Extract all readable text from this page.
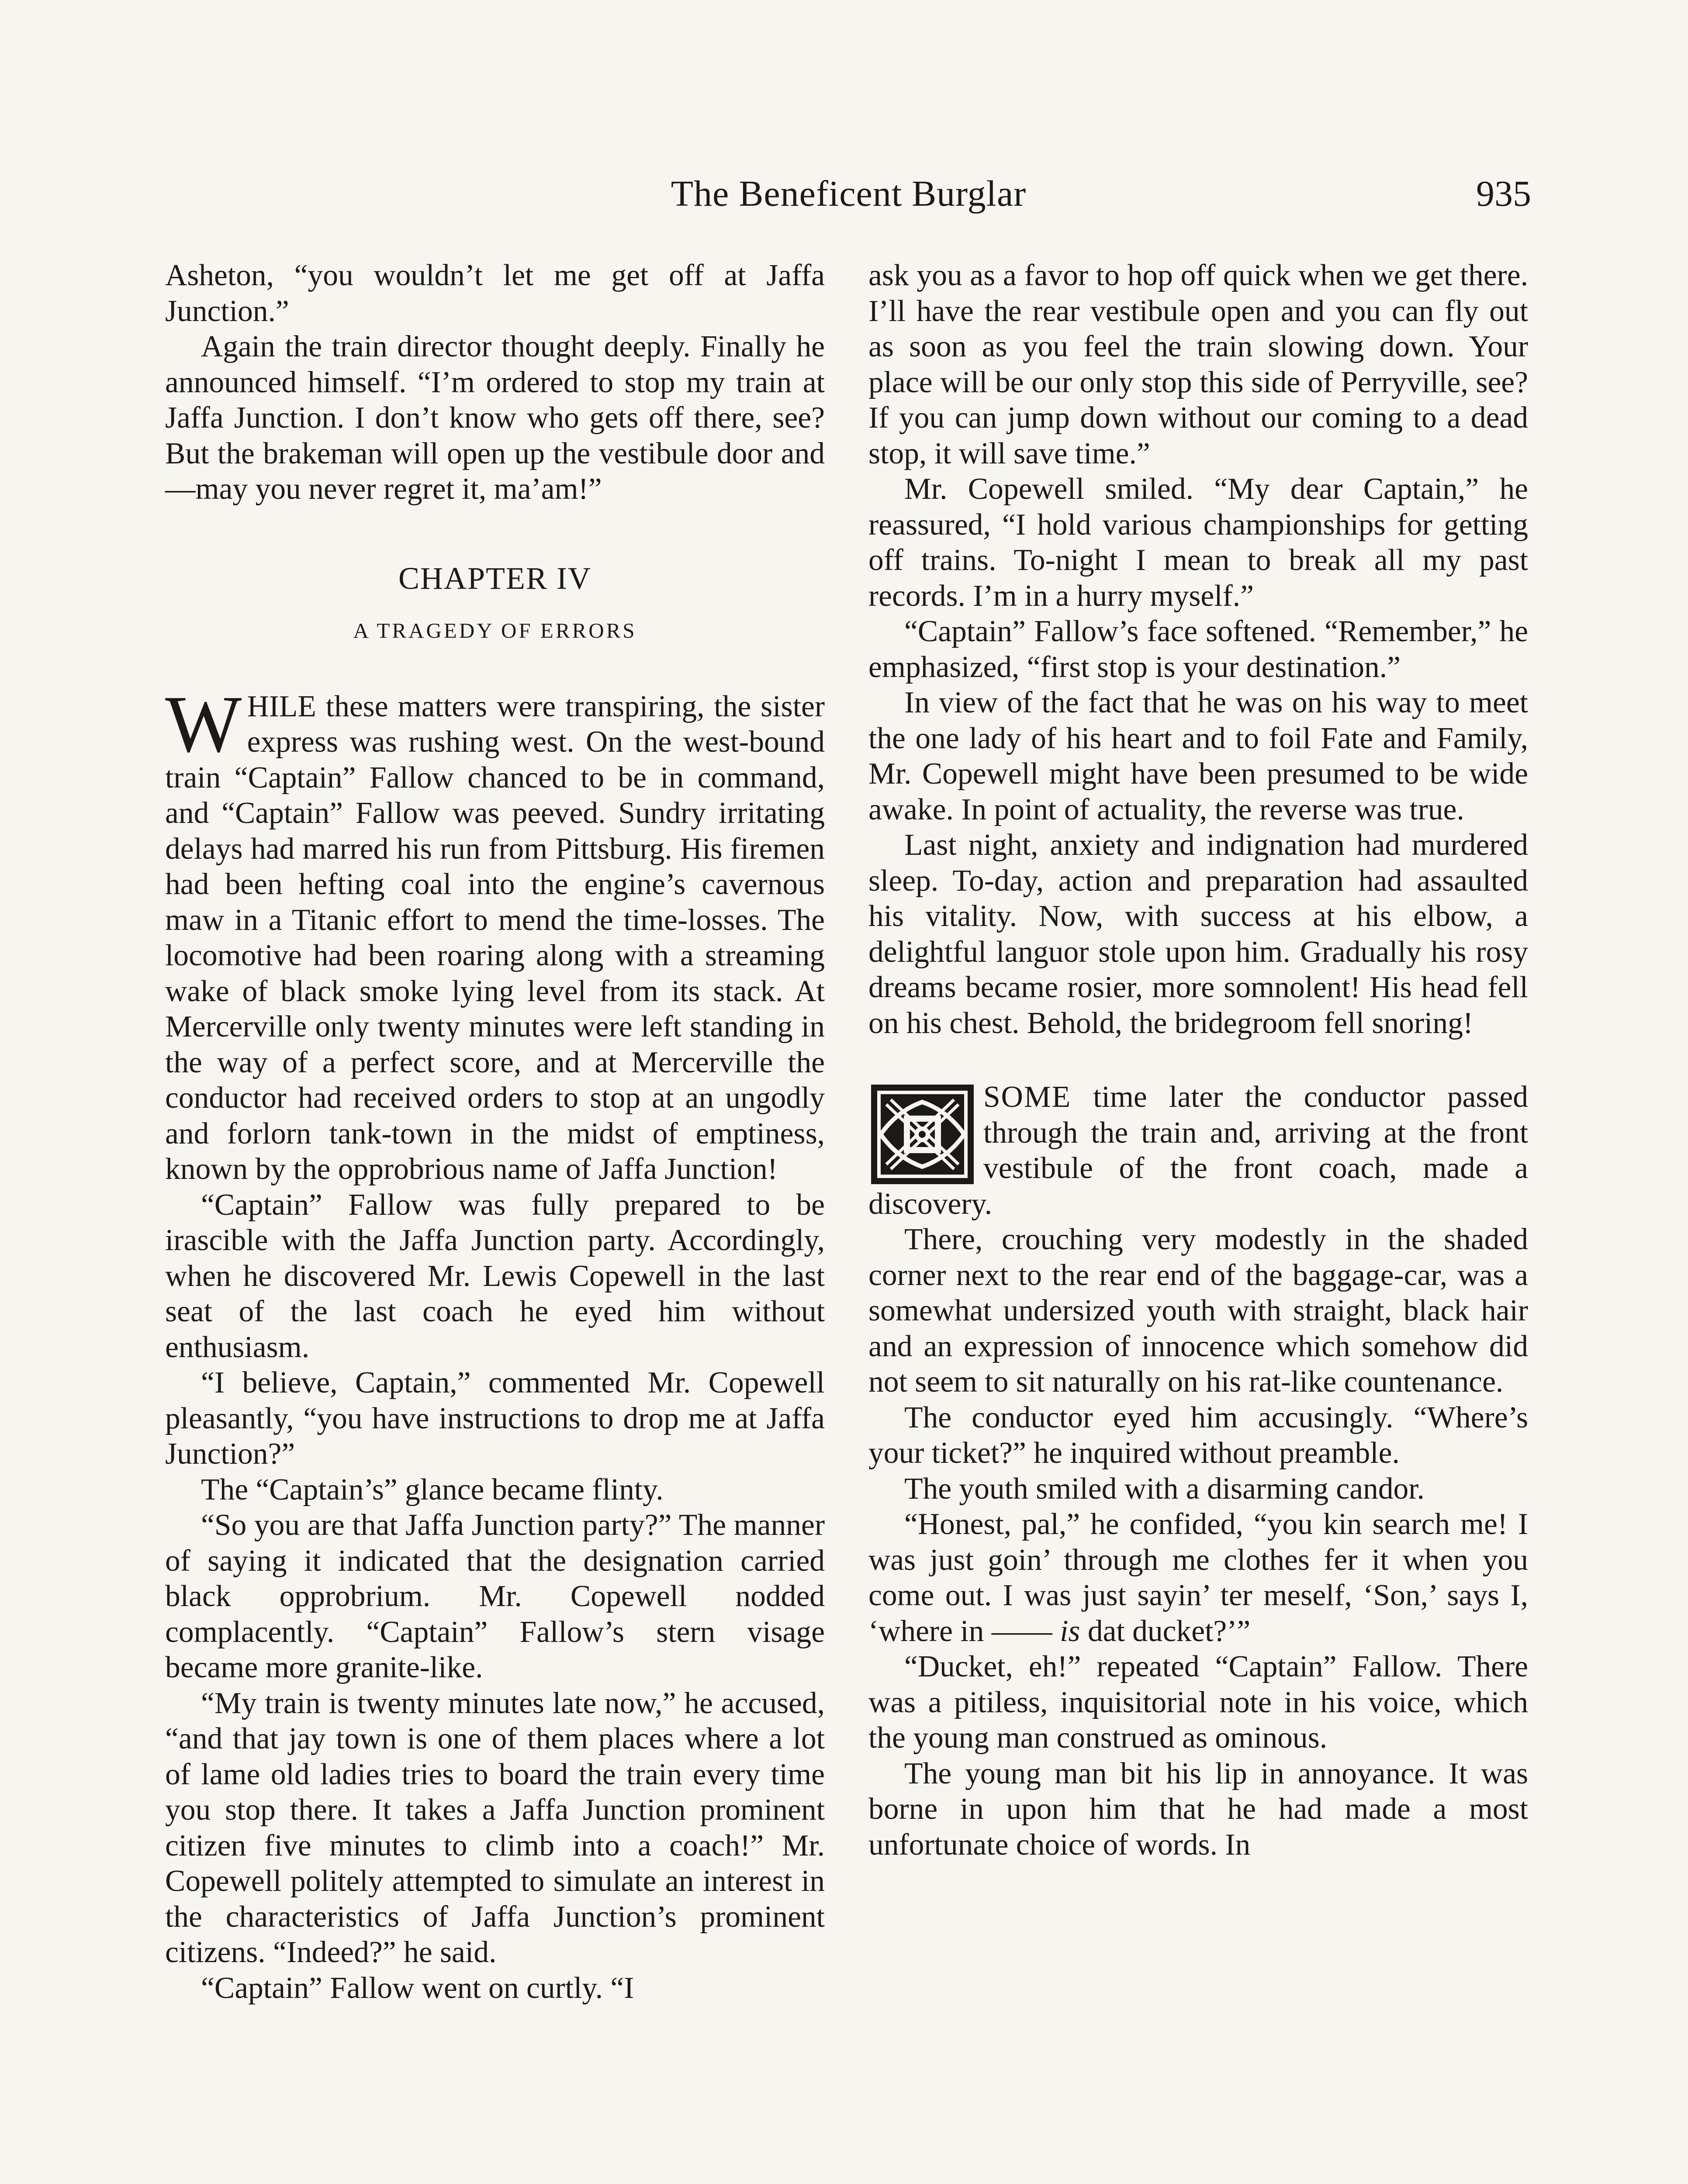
The Beneficent Burglar	935

Asheton, “you wouldn’t let me get off at Jaffa Junction.”

Again the train director thought deeply. Finally he announced himself. “I’m ordered to stop my train at Jaffa Junction. I don’t know who gets off there, see? But the brakeman will open up the vestibule door and—may you never regret it, ma’am!”

CHAPTER IV
A TRAGEDY OF ERRORS

WHILE these matters were transpiring, the sister express was rushing west. On the west-bound train “Captain” Fallow chanced to be in command, and “Captain” Fallow was peeved. Sundry irritating delays had marred his run from Pittsburg. His firemen had been hefting coal into the engine’s cavernous maw in a Titanic effort to mend the time-losses. The locomotive had been roaring along with a streaming wake of black smoke lying level from its stack. At Mercerville only twenty minutes were left standing in the way of a perfect score, and at Mercerville the conductor had received orders to stop at an ungodly and forlorn tank-town in the midst of emptiness, known by the opprobrious name of Jaffa Junction!

“Captain” Fallow was fully prepared to be irascible with the Jaffa Junction party. Accordingly, when he discovered Mr. Lewis Copewell in the last seat of the last coach he eyed him without enthusiasm.

“I believe, Captain,” commented Mr. Copewell pleasantly, “you have instructions to drop me at Jaffa Junction?”

The “Captain’s” glance became flinty.

“So you are that Jaffa Junction party?” The manner of saying it indicated that the designation carried black opprobrium. Mr. Copewell nodded complacently. “Captain” Fallow’s stern visage became more granite-like.

“My train is twenty minutes late now,” he accused, “and that jay town is one of them places where a lot of lame old ladies tries to board the train every time you stop there. It takes a Jaffa Junction prominent citizen five minutes to climb into a coach!” Mr. Copewell politely attempted to simulate an interest in the characteristics of Jaffa Junction’s prominent citizens. “Indeed?” he said.

“Captain” Fallow went on curtly. “I

ask you as a favor to hop off quick when we get there. I’ll have the rear vestibule open and you can fly out as soon as you feel the train slowing down. Your place will be our only stop this side of Perryville, see? If you can jump down without our coming to a dead stop, it will save time.”

Mr. Copewell smiled. “My dear Captain,” he reassured, “I hold various championships for getting off trains. To-night I mean to break all my past records. I’m in a hurry myself.”

“Captain” Fallow’s face softened. “Remember,” he emphasized, “first stop is your destination.”

In view of the fact that he was on his way to meet the one lady of his heart and to foil Fate and Family, Mr. Copewell might have been presumed to be wide awake. In point of actuality, the reverse was true.

Last night, anxiety and indignation had murdered sleep. To-day, action and preparation had assaulted his vitality. Now, with success at his elbow, a delightful languor stole upon him. Gradually his rosy dreams became rosier, more somnolent! His head fell on his chest. Behold, the bridegroom fell snoring!

SOME time later the conductor passed through the train and, arriving at the front vestibule of the front coach, made a discovery.

There, crouching very modestly in the shaded corner next to the rear end of the baggage-car, was a somewhat undersized youth with straight, black hair and an expression of innocence which somehow did not seem to sit naturally on his rat-like countenance.

The conductor eyed him accusingly. “Where’s your ticket?” he inquired without preamble.

The youth smiled with a disarming candor.

“Honest, pal,” he confided, “you kin search me! I was just goin’ through me clothes fer it when you come out. I was just sayin’ ter meself, ‘Son,’ says I, ‘where in —— is dat ducket?’”

“Ducket, eh!” repeated “Captain” Fallow. There was a pitiless, inquisitorial note in his voice, which the young man construed as ominous.

The young man bit his lip in annoyance. It was borne in upon him that he had made a most unfortunate choice of words. In
